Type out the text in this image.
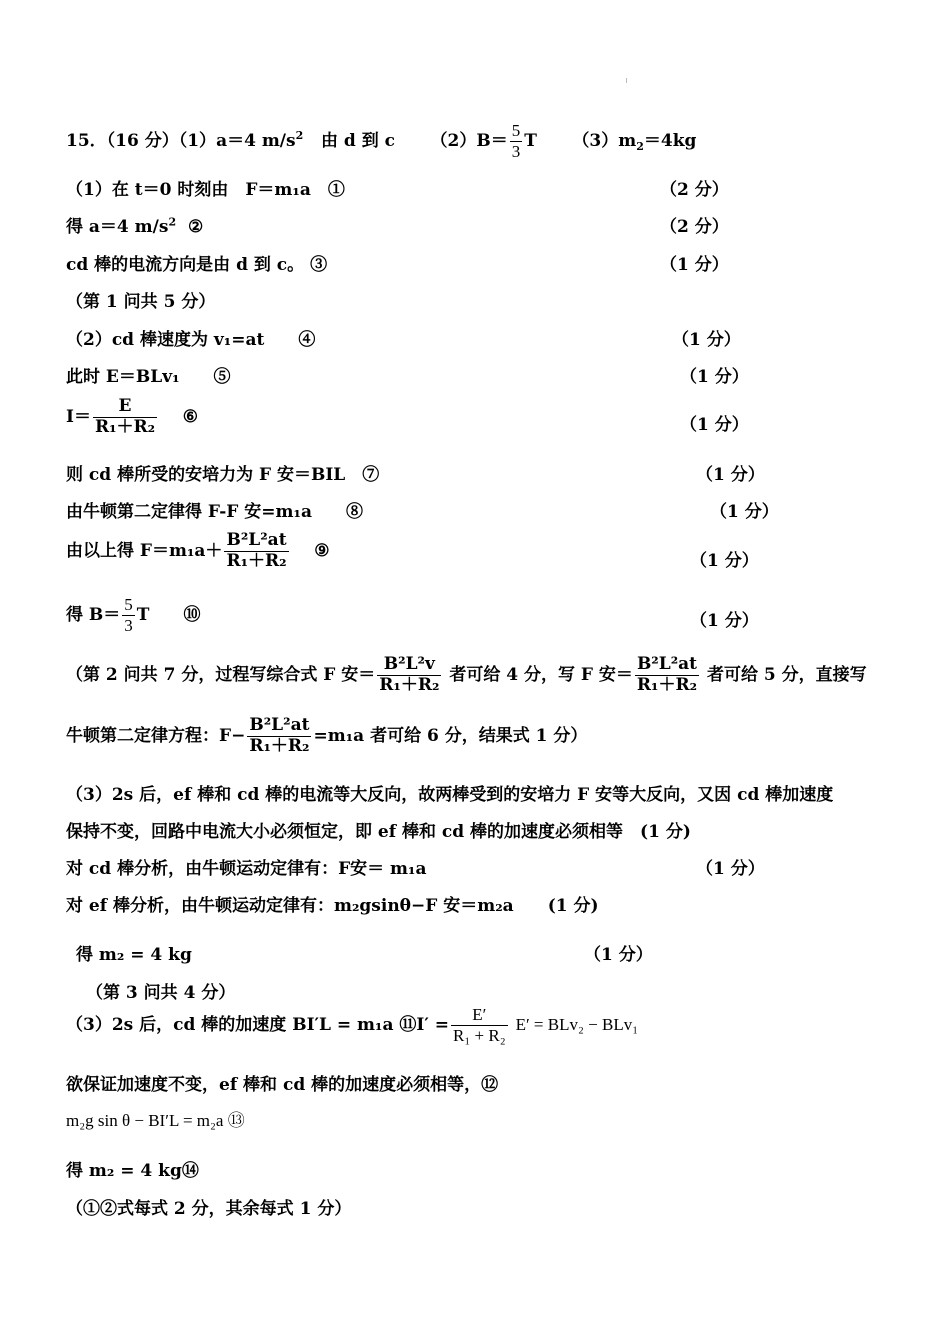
15．（16 分）（1）a＝4 $m/s^2$ 由 d 到 c $(2)B= \frac{5}{3}$ T $(3)m_2=4kg$
（1）在 t＝0 时刻由　F＝m₁a　①	（2 分）
得 a＝4 $m/s^2$ ②	（2 分）
cd 棒的电流方向是由 d 到 c。 ③	（1 分）
（第 1 问共 5 分）
（2）cd 棒速度为 v₁=at　　④	（1 分）
此时 E＝BLv₁　　⑤	（1 分）
$I= \frac{E}{\text{R₁＋R₂}}$ ⑥	（1 分）
则 cd 棒所受的安培力为 F 安＝BIL　⑦	（1 分）
由牛顿第二定律得 F-F 安=m₁a　　⑧	（1 分）
由以上得 $F=m_1a+ \frac{\text{B²L²at}}{\text{R₁＋R₂}}$ ⑨
（1 分）
得 $B= \frac{5}{3}$ T　　⑩	（1 分）
（第 2 问共 7 分，过程写综合式 F 安＝ $\frac{\text{B²L²v}}{\text{R₁＋R₂}}$ 者可给 4 分，写 F 安＝ $\frac{\text{B²L²at}}{\text{R₁＋R₂}}$ 者可给 5 分，直接写
牛顿第二定律方程：$F- \frac{\text{B²L²at}}{\text{R₁＋R₂}} =m_1a$ 者可给 6 分，结果式 1 分）
（3）2s 后，ef 棒和 cd 棒的电流等大反向，故两棒受到的安培力 F 安等大反向，又因 cd 棒加速度
保持不变，回路中电流大小必须恒定，即 ef 棒和 cd 棒的加速度必须相等　(1 分)
对 cd 棒分析，由牛顿运动定律有：F安＝ m₁a	（1 分）
对 ef 棒分析，由牛顿运动定律有：m₂gsinθ−F 安＝m₂a　　(1 分)
得 m₂ = 4 kg	（1 分）
（第 3 问共 4 分）
（3）2s 后，cd 棒的加速度 BI′L = m₁a ⑪I′ = $\frac{E'}{\text{R₁ + R₂}} E' = BLv_2 - BLv_1$
欲保证加速度不变，ef 棒和 cd 棒的加速度必须相等，⑫
m₂g sin θ − BI′L = m₂a ⑬
得 m₂ = 4 kg⑭
（①②式每式 2 分，其余每式 1 分）
